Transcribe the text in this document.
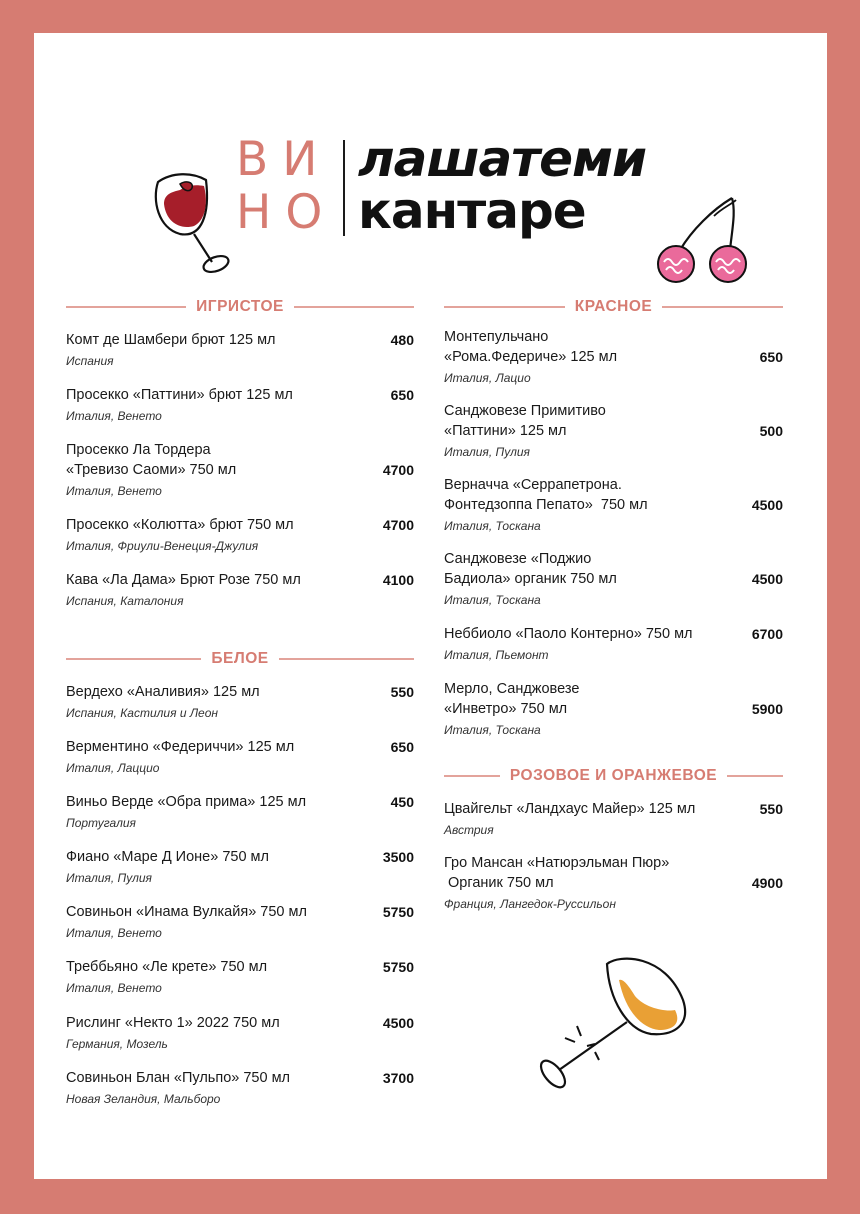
ВИ
НО
лашатеми
кантаре
ИГРИСТОЕ
Комт де Шамбери брют 125 мл
Испания
480
Просекко «Паттини» брют 125 мл
Италия, Венето
650
Просекко Ла Тордера
«Тревизо Саоми» 750 мл
Италия, Венето
4700
Просекко «Колютта» брют 750 мл
Италия, Фриули-Венеция-Джулия
4700
Кава «Ла Дама» Брют Розе 750 мл
Испания, Каталония
4100
БЕЛОЕ
Вердехо «Аналивия» 125 мл
Испания, Кастилия и Леон
550
Верментино «Федериччи» 125 мл
Италия, Лаццио
650
Виньо Верде «Обра прима» 125 мл
Португалия
450
Фиано «Маре Д Ионе» 750 мл
Италия, Пулия
3500
Совиньон «Инама Вулкайя» 750 мл
Италия, Венето
5750
Треббьяно «Ле крете» 750 мл
Италия, Венето
5750
Рислинг «Некто 1» 2022 750 мл
Германия, Мозель
4500
Совиньон Блан «Пульпо» 750 мл
Новая Зеландия, Мальборо
3700
КРАСНОЕ
Монтепульчано
«Рома.Федериче» 125 мл
Италия, Лацио
650
Санджовезе Примитиво
«Паттини» 125 мл
Италия, Пулия
500
Верначча «Серрапетрона.
Фонтедзоппа Пепато»  750 мл
Италия, Тоскана
4500
Санджовезе «Поджио
Бадиола» органик 750 мл
Италия, Тоскана
4500
Неббиоло «Паоло Контерно» 750 мл
Италия, Пьемонт
6700
Мерло, Санджовезе
«Инветро» 750 мл
Италия, Тоскана
5900
РОЗОВОЕ И ОРАНЖЕВОЕ
Цвайгельт «Ландхаус Майер» 125 мл
Австрия
550
Гро Мансан «Натюрэльман Пюр»
Органик 750 мл
Франция, Лангедок-Руссильон
4900
